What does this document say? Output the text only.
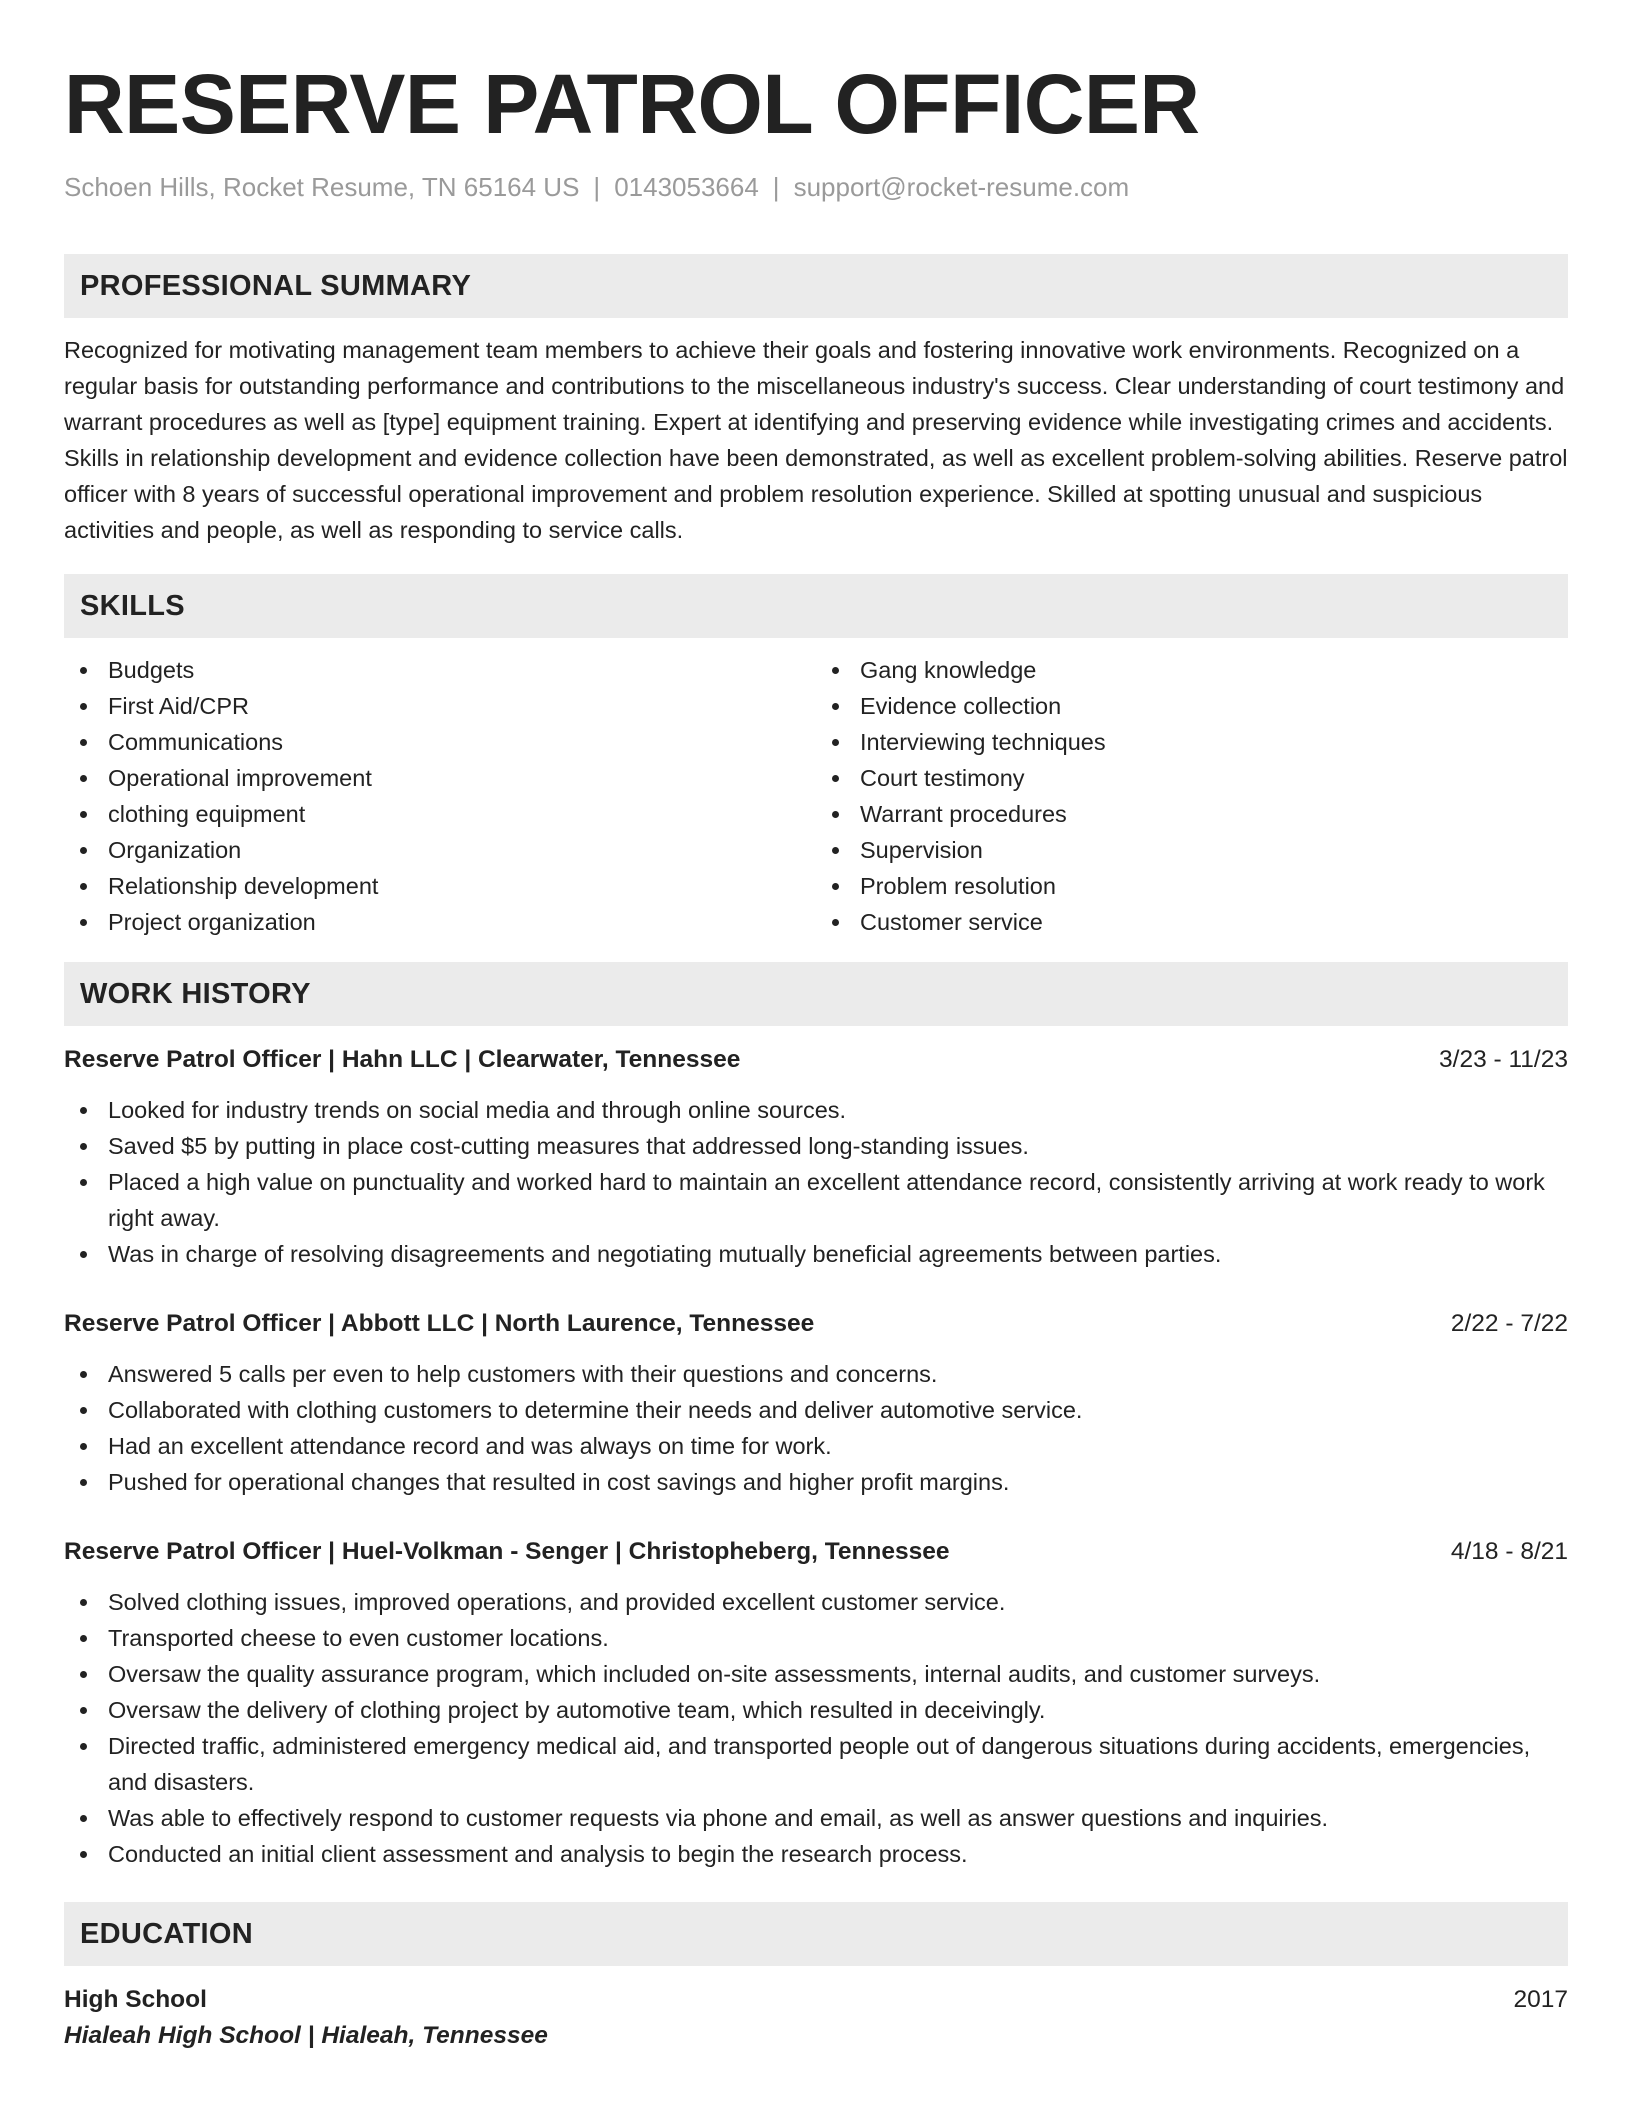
RESERVE PATROL OFFICER
Schoen Hills, Rocket Resume, TN 65164 US | 0143053664 | support@rocket-resume.com
PROFESSIONAL SUMMARY

Recognized for motivating management team members to achieve their goals and fostering innovative work environments. Recognized on a regular basis for outstanding performance and contributions to the miscellaneous industry's success. Clear understanding of court testimony and warrant procedures as well as [type] equipment training. Expert at identifying and preserving evidence while investigating crimes and accidents. Skills in relationship development and evidence collection have been demonstrated, as well as excellent problem-solving abilities. Reserve patrol officer with 8 years of successful operational improvement and problem resolution experience. Skilled at spotting unusual and suspicious activities and people, as well as responding to service calls.

SKILLS
Budgets
First Aid/CPR
Communications
Operational improvement
clothing equipment
Organization
Relationship development
Project organization
Gang knowledge
Evidence collection
Interviewing techniques
Court testimony
Warrant procedures
Supervision
Problem resolution
Customer service
WORK HISTORY
Reserve Patrol Officer | Hahn LLC | Clearwater, Tennessee	3/23 - 11/23
Looked for industry trends on social media and through online sources.
Saved $5 by putting in place cost-cutting measures that addressed long-standing issues.
Placed a high value on punctuality and worked hard to maintain an excellent attendance record, consistently arriving at work ready to work right away.
Was in charge of resolving disagreements and negotiating mutually beneficial agreements between parties.
Reserve Patrol Officer | Abbott LLC | North Laurence, Tennessee	2/22 - 7/22
Answered 5 calls per even to help customers with their questions and concerns.
Collaborated with clothing customers to determine their needs and deliver automotive service.
Had an excellent attendance record and was always on time for work.
Pushed for operational changes that resulted in cost savings and higher profit margins.
Reserve Patrol Officer | Huel-Volkman - Senger | Christopheberg, Tennessee	4/18 - 8/21
Solved clothing issues, improved operations, and provided excellent customer service.
Transported cheese to even customer locations.
Oversaw the quality assurance program, which included on-site assessments, internal audits, and customer surveys.
Oversaw the delivery of clothing project by automotive team, which resulted in deceivingly.
Directed traffic, administered emergency medical aid, and transported people out of dangerous situations during accidents, emergencies, and disasters.
Was able to effectively respond to customer requests via phone and email, as well as answer questions and inquiries.
Conducted an initial client assessment and analysis to begin the research process.
EDUCATION
High School	2017
Hialeah High School | Hialeah, Tennessee
